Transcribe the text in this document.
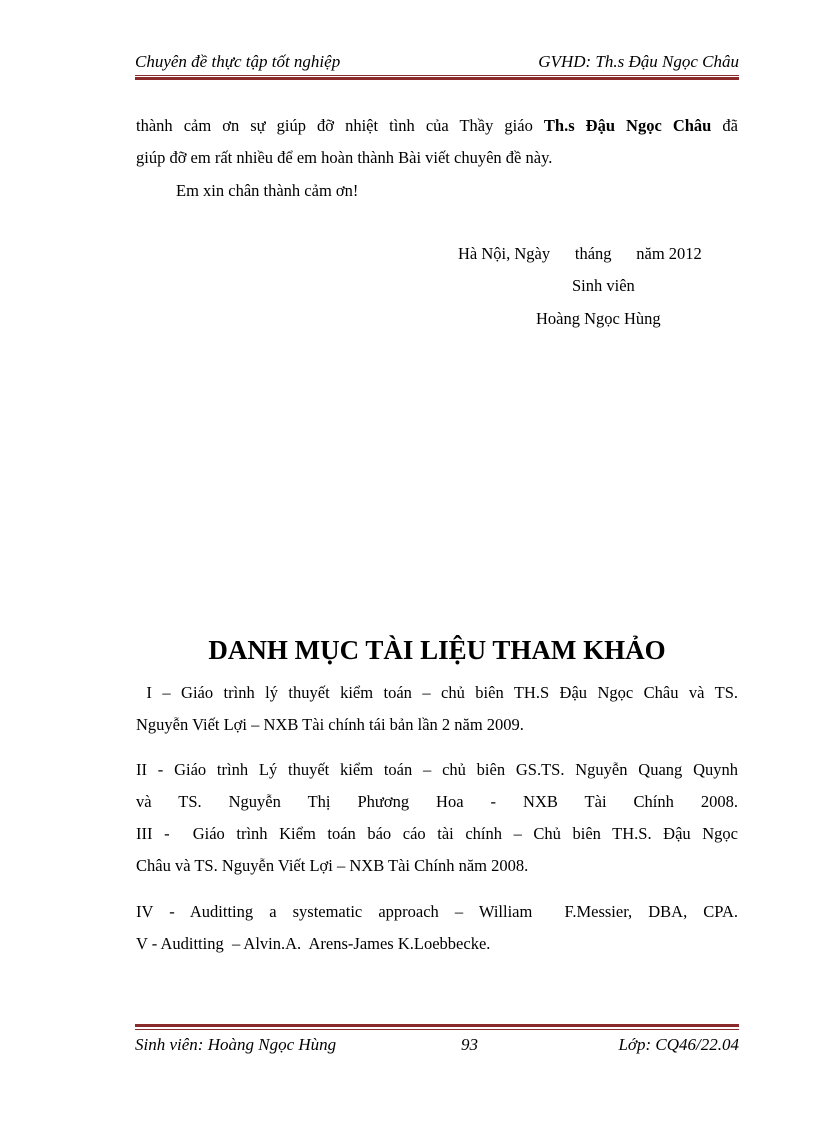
Chuyên đề thực tập tốt nghiệp	GVHD: Th.s Đậu Ngọc Châu
thành cảm ơn sự giúp đỡ nhiệt tình của Thầy giáo Th.s Đậu Ngọc Châu đã
giúp đỡ em rất nhiều để em hoàn thành Bài viết chuyên đề này.
Em xin chân thành cảm ơn!
Hà Nội, Ngày      tháng      năm 2012
Sinh viên
Hoàng Ngọc Hùng
DANH MỤC TÀI LIỆU THAM KHẢO
I – Giáo trình lý thuyết kiểm toán – chủ biên TH.S Đậu Ngọc Châu và TS.
Nguyễn Viết Lợi – NXB Tài chính tái bản lần 2 năm 2009.
II - Giáo trình Lý thuyết kiểm toán – chủ biên GS.TS. Nguyễn Quang Quynh
và   TS.   Nguyễn   Thị   Phương   Hoa   -   NXB   Tài   Chính   2008.
III -  Giáo trình Kiểm toán báo cáo tài chính – Chủ biên TH.S. Đậu Ngọc
Châu và TS. Nguyễn Viết Lợi – NXB Tài Chính năm 2008.
IV - Auditting a systematic approach – William  F.Messier, DBA, CPA.
V - Auditting  – Alvin.A.  Arens-James K.Loebbecke.
Sinh viên: Hoàng Ngọc Hùng	93	Lớp: CQ46/22.04
